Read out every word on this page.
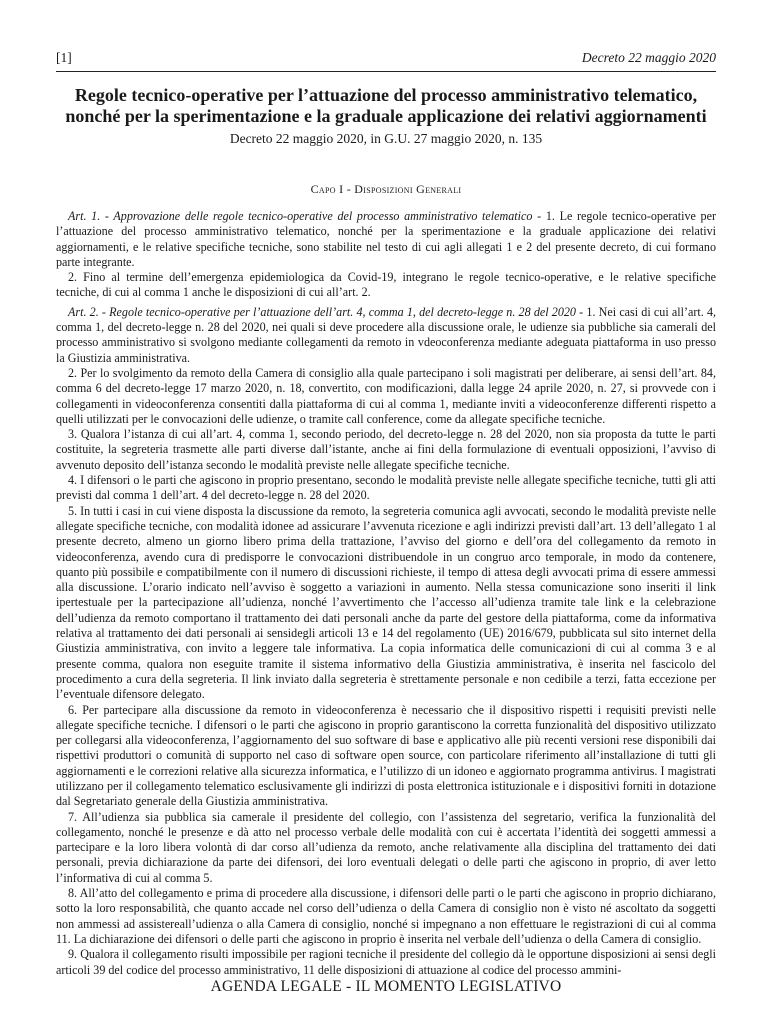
[1]	Decreto 22 maggio 2020
Regole tecnico-operative per l’attuazione del processo amministrativo telematico, nonché per la sperimentazione e la graduale applicazione dei relativi aggiornamenti
Decreto 22 maggio 2020, in G.U. 27 maggio 2020, n. 135
Capo I - Disposizioni Generali

Art. 1. - Approvazione delle regole tecnico-operative del processo amministrativo telematico - 1. Le regole tecnico-operative per l’attuazione del processo amministrativo telematico, nonché per la sperimentazione e la graduale applicazione dei relativi aggiornamenti, e le relative specifiche tecniche, sono stabilite nel testo di cui agli allegati 1 e 2 del presente decreto, di cui formano parte integrante.

2. Fino al termine dell’emergenza epidemiologica da Covid-19, integrano le regole tecnico-operative, e le relative specifiche tecniche, di cui al comma 1 anche le disposizioni di cui all’art. 2.

Art. 2. - Regole tecnico-operative per l’attuazione dell’art. 4, comma 1, del decreto-legge n. 28 del 2020 - 1. Nei casi di cui all’art. 4, comma 1, del decreto-legge n. 28 del 2020, nei quali si deve procedere alla discussione orale, le udienze sia pubbliche sia camerali del processo amministrativo si svolgono mediante collegamenti da remoto in vdeoconferenza mediante adeguata piattaforma in uso presso la Giustizia amministrativa.

2. Per lo svolgimento da remoto della Camera di consiglio alla quale partecipano i soli magistrati per deliberare, ai sensi dell’art. 84, comma 6 del decreto-legge 17 marzo 2020, n. 18, convertito, con modificazioni, dalla legge 24 aprile 2020, n. 27, si provvede con i collegamenti in videoconferenza consentiti dalla piattaforma di cui al comma 1, mediante inviti a videoconferenze differenti rispetto a quelli utilizzati per le convocazioni delle udienze, o tramite call conference, come da allegate specifiche tecniche.

3. Qualora l’istanza di cui all’art. 4, comma 1, secondo periodo, del decreto-legge n. 28 del 2020, non sia proposta da tutte le parti costituite, la segreteria trasmette alle parti diverse dall’istante, anche ai fini della formulazione di eventuali opposizioni, l’avviso di avvenuto deposito dell’istanza secondo le modalità previste nelle allegate specifiche tecniche.

4. I difensori o le parti che agiscono in proprio presentano, secondo le modalità previste nelle allegate specifiche tecniche, tutti gli atti previsti dal comma 1 dell’art. 4 del decreto-legge n. 28 del 2020.

5. In tutti i casi in cui viene disposta la discussione da remoto, la segreteria comunica agli avvocati, secondo le modalità previste nelle allegate specifiche tecniche, con modalità idonee ad assicurare l’avvenuta ricezione e agli indirizzi previsti dall’art. 13 dell’allegato 1 al presente decreto, almeno un giorno libero prima della trattazione, l’avviso del giorno e dell’ora del collegamento da remoto in videoconferenza, avendo cura di predisporre le convocazioni distribuendole in un congruo arco temporale, in modo da contenere, quanto più possibile e compatibilmente con il numero di discussioni richieste, il tempo di attesa degli avvocati prima di essere ammessi alla discussione. L’orario indicato nell’avviso è soggetto a variazioni in aumento. Nella stessa comunicazione sono inseriti il link ipertestuale per la partecipazione all’udienza, nonché l’avvertimento che l’accesso all’udienza tramite tale link e la celebrazione dell’udienza da remoto comportano il trattamento dei dati personali anche da parte del gestore della piattaforma, come da informativa relativa al trattamento dei dati personali ai sensidegli articoli 13 e 14 del regolamento (UE) 2016/679, pubblicata sul sito internet della Giustizia amministrativa, con invito a leggere tale informativa. La copia informatica delle comunicazioni di cui al comma 3 e al presente comma, qualora non eseguite tramite il sistema informativo della Giustizia amministrativa, è inserita nel fascicolo del procedimento a cura della segreteria. Il link inviato dalla segreteria è strettamente personale e non cedibile a terzi, fatta eccezione per l’eventuale difensore delegato.

6. Per partecipare alla discussione da remoto in videoconferenza è necessario che il dispositivo rispetti i requisiti previsti nelle allegate specifiche tecniche. I difensori o le parti che agiscono in proprio garantiscono la corretta funzionalità del dispositivo utilizzato per collegarsi alla videoconferenza, l’aggiornamento del suo software di base e applicativo alle più recenti versioni rese disponibili dai rispettivi produttori o comunità di supporto nel caso di software open source, con particolare riferimento all’installazione di tutti gli aggiornamenti e le correzioni relative alla sicurezza informatica, e l’utilizzo di un idoneo e aggiornato programma antivirus. I magistrati utilizzano per il collegamento telematico esclusivamente gli indirizzi di posta elettronica istituzionale e i dispositivi forniti in dotazione dal Segretariato generale della Giustizia amministrativa.

7. All’udienza sia pubblica sia camerale il presidente del collegio, con l’assistenza del segretario, verifica la funzionalità del collegamento, nonché le presenze e dà atto nel processo verbale delle modalità con cui è accertata l’identità dei soggetti ammessi a partecipare e la loro libera volontà di dar corso all’udienza da remoto, anche relativamente alla disciplina del trattamento dei dati personali, previa dichiarazione da parte dei difensori, dei loro eventuali delegati o delle parti che agiscono in proprio, di aver letto l’informativa di cui al comma 5.

8. All’atto del collegamento e prima di procedere alla discussione, i difensori delle parti o le parti che agiscono in proprio dichiarano, sotto la loro responsabilità, che quanto accade nel corso dell’udienza o della Camera di consiglio non è visto né ascoltato da soggetti non ammessi ad assistereall’udienza o alla Camera di consiglio, nonché si impegnano a non effettuare le registrazioni di cui al comma 11. La dichiarazione dei difensori o delle parti che agiscono in proprio è inserita nel verbale dell’udienza o della Camera di consiglio.

9. Qualora il collegamento risulti impossibile per ragioni tecniche il presidente del collegio dà le opportune disposizioni ai sensi degli articoli 39 del codice del processo amministrativo, 11 delle disposizioni di attuazione al codice del processo ammini-

AGENDA LEGALE - IL MOMENTO LEGISLATIVO
